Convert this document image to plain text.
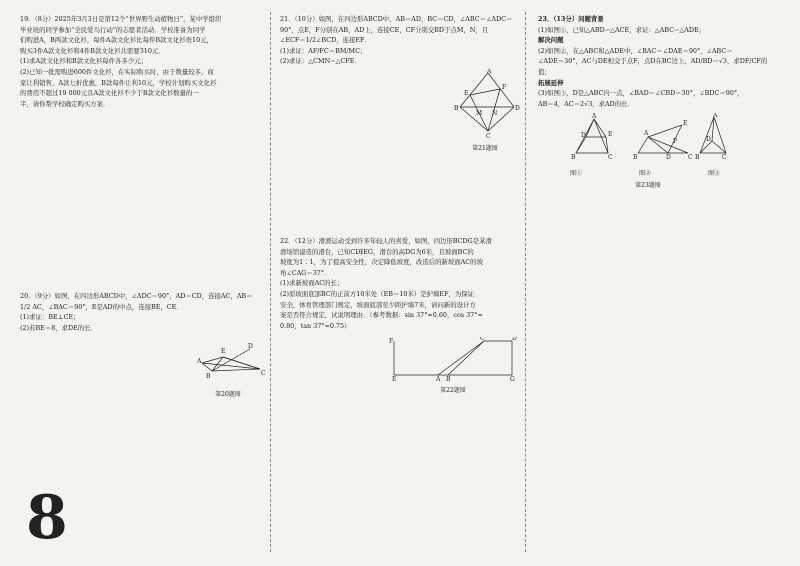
19．（8分）2025年3月3日是第12个“世界野生动植物日”，某中学组织

毕业班的同学参加“全民爱鸟行动”的志愿者活动．学校准备为同学

们购进A，B两款文化衫，每件A款文化衫比每件B款文化衫贵10元，

购买3件A款文化衫和4件B款文化衫共需要310元．

(1)求A款文化衫和B款文化衫每件各多少元；

(2)已知一批需购进600件文化衫，在实际购买时，由于数量较多，商

家让利销售，A款七折优惠，B款每件让利10元，学校计划购买文化衫

的费用不超过19 000元且A款文化衫不少于B款文化衫数量的一

半，请你帮学校确定购买方案．

20．（9分）如图，在四边形ABCD中，∠ADC＝90°，AD＝CD，连接AC，AB＝

1/2 AC，∠BAC＝90°，E是AD的中点，连接BE，CE．

(1)求证：BE⊥CE；

(2)若BE＝8，求DE的长．

A
E
D
B	C
第20题图

21．（10分）如图，在四边形ABCD中，AB＝AD，BC＝CD，∠ABC＝∠ADC＝

90°，点E，F分别在AB，AD上，连接CE，CF分别交BD于点M，N，且

∠ECF＝1/2∠BCD，连接EF．

(1)求证：AF/FC＝BM/MC；

(2)求证：△CMN∽△CFE．

A
F
E
B
M N
D
C
第21题图

22．（12分）滑滑运动受到许多年轻人的喜爱，如图，四边形BCDG是某滑

滑场馆建造的滑台，已知CD∥EG，滑台的高DG为6米，且坡面BC的

坡度为1∶1，为了提高安全性，决定降低坡度，改造后的新坡面AC的坡

角∠CAG＝37°．

(1)求新坡面AC的长；

(2)原坡面底部BC的正前方10米处（EB＝10米）是护墙EF，为保证

安全，体育管理部门规定，坡面底部至少距护墙7米，请问新的设计方

案是否符合规定，试说明理由．（参考数据：sin 37°≈0.60，cos 37°≈

0.80，tan 37°≈0.75）

F	C	D
E	A B	G
第22题图

23．（13分）问题背景

(1)如图①，已知△ABD∽△ACE，求证：△ABC∽△ADE；

解决问题

(2)如图②，在△ABC和△ADE中，∠BAC＝∠DAE＝90°，∠ABC＝

∠ADE＝30°，AC与DE相交于点F，点D在BC边上，AD/BD＝√3，求DF/CF的值；

拓展延伸

(3)如图③，D是△ABC内一点，∠BAD＝∠CBD＝30°，∠BDC＝90°，

AB＝4，AC＝2√3，求AD的长．

A
D	E
B	C
A
E
F
B	D	C
A
D
B	C
图①	图②	图③
第23题图
8
